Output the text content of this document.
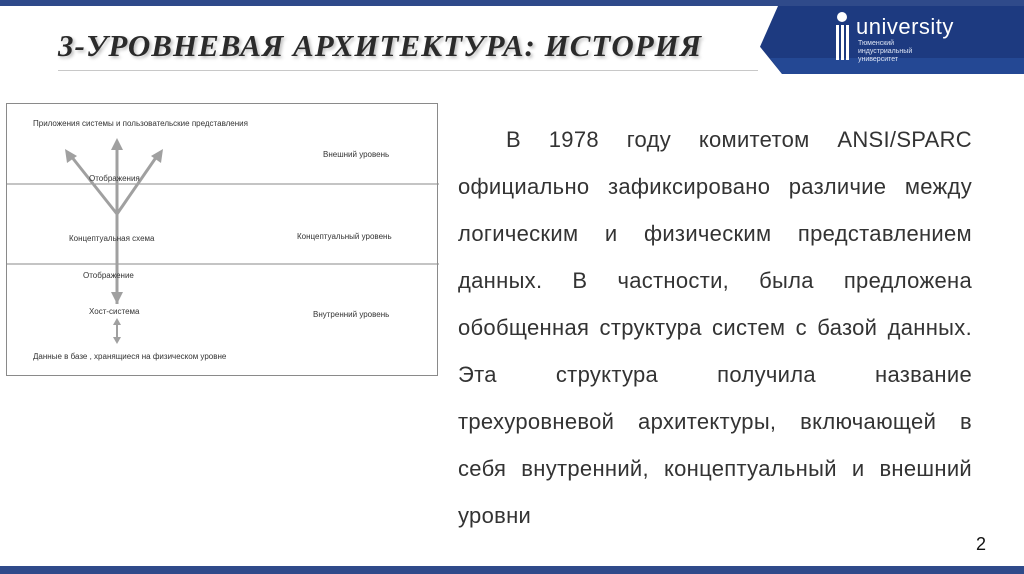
3-УРОВНЕВАЯ АРХИТЕКТУРА: ИСТОРИЯ
university
Тюменский
индустриальный
университет
Приложения системы и пользовательские представления
Внешний уровень
Отображения
Концептуальная схема	Концептуальный уровень
Отображение
Хост-система	Внутренний уровень
Данные в базе , хранящиеся на физическом уровне
В 1978 году комитетом ANSI/SPARC официально зафиксировано различие между логическим и физическим представлением данных. В частности, была предложена обобщенная структура систем с базой данных. Эта структура получила название трехуровневой архитектуры, включающей в себя внутренний, концептуальный и внешний уровни
2
